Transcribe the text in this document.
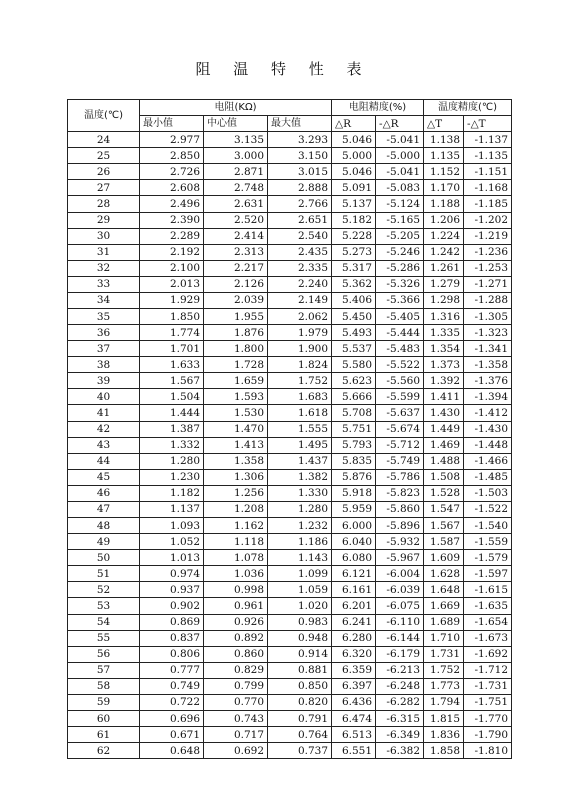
阻 温 特 性 表
温度(℃)	电阻(KΩ)			电阻精度(%)		温度精度(℃)	
	最小值	中心值	最大值	△R	-△R	△T	-△T
24	2.977	3.135	3.293	5.046	-5.041	1.138	-1.137
25	2.850	3.000	3.150	5.000	-5.000	1.135	-1.135
26	2.726	2.871	3.015	5.046	-5.041	1.152	-1.151
27	2.608	2.748	2.888	5.091	-5.083	1.170	-1.168
28	2.496	2.631	2.766	5.137	-5.124	1.188	-1.185
29	2.390	2.520	2.651	5.182	-5.165	1.206	-1.202
30	2.289	2.414	2.540	5.228	-5.205	1.224	-1.219
31	2.192	2.313	2.435	5.273	-5.246	1.242	-1.236
32	2.100	2.217	2.335	5.317	-5.286	1.261	-1.253
33	2.013	2.126	2.240	5.362	-5.326	1.279	-1.271
34	1.929	2.039	2.149	5.406	-5.366	1.298	-1.288
35	1.850	1.955	2.062	5.450	-5.405	1.316	-1.305
36	1.774	1.876	1.979	5.493	-5.444	1.335	-1.323
37	1.701	1.800	1.900	5.537	-5.483	1.354	-1.341
38	1.633	1.728	1.824	5.580	-5.522	1.373	-1.358
39	1.567	1.659	1.752	5.623	-5.560	1.392	-1.376
40	1.504	1.593	1.683	5.666	-5.599	1.411	-1.394
41	1.444	1.530	1.618	5.708	-5.637	1.430	-1.412
42	1.387	1.470	1.555	5.751	-5.674	1.449	-1.430
43	1.332	1.413	1.495	5.793	-5.712	1.469	-1.448
44	1.280	1.358	1.437	5.835	-5.749	1.488	-1.466
45	1.230	1.306	1.382	5.876	-5.786	1.508	-1.485
46	1.182	1.256	1.330	5.918	-5.823	1.528	-1.503
47	1.137	1.208	1.280	5.959	-5.860	1.547	-1.522
48	1.093	1.162	1.232	6.000	-5.896	1.567	-1.540
49	1.052	1.118	1.186	6.040	-5.932	1.587	-1.559
50	1.013	1.078	1.143	6.080	-5.967	1.609	-1.579
51	0.974	1.036	1.099	6.121	-6.004	1.628	-1.597
52	0.937	0.998	1.059	6.161	-6.039	1.648	-1.615
53	0.902	0.961	1.020	6.201	-6.075	1.669	-1.635
54	0.869	0.926	0.983	6.241	-6.110	1.689	-1.654
55	0.837	0.892	0.948	6.280	-6.144	1.710	-1.673
56	0.806	0.860	0.914	6.320	-6.179	1.731	-1.692
57	0.777	0.829	0.881	6.359	-6.213	1.752	-1.712
58	0.749	0.799	0.850	6.397	-6.248	1.773	-1.731
59	0.722	0.770	0.820	6.436	-6.282	1.794	-1.751
60	0.696	0.743	0.791	6.474	-6.315	1.815	-1.770
61	0.671	0.717	0.764	6.513	-6.349	1.836	-1.790
62	0.648	0.692	0.737	6.551	-6.382	1.858	-1.810
